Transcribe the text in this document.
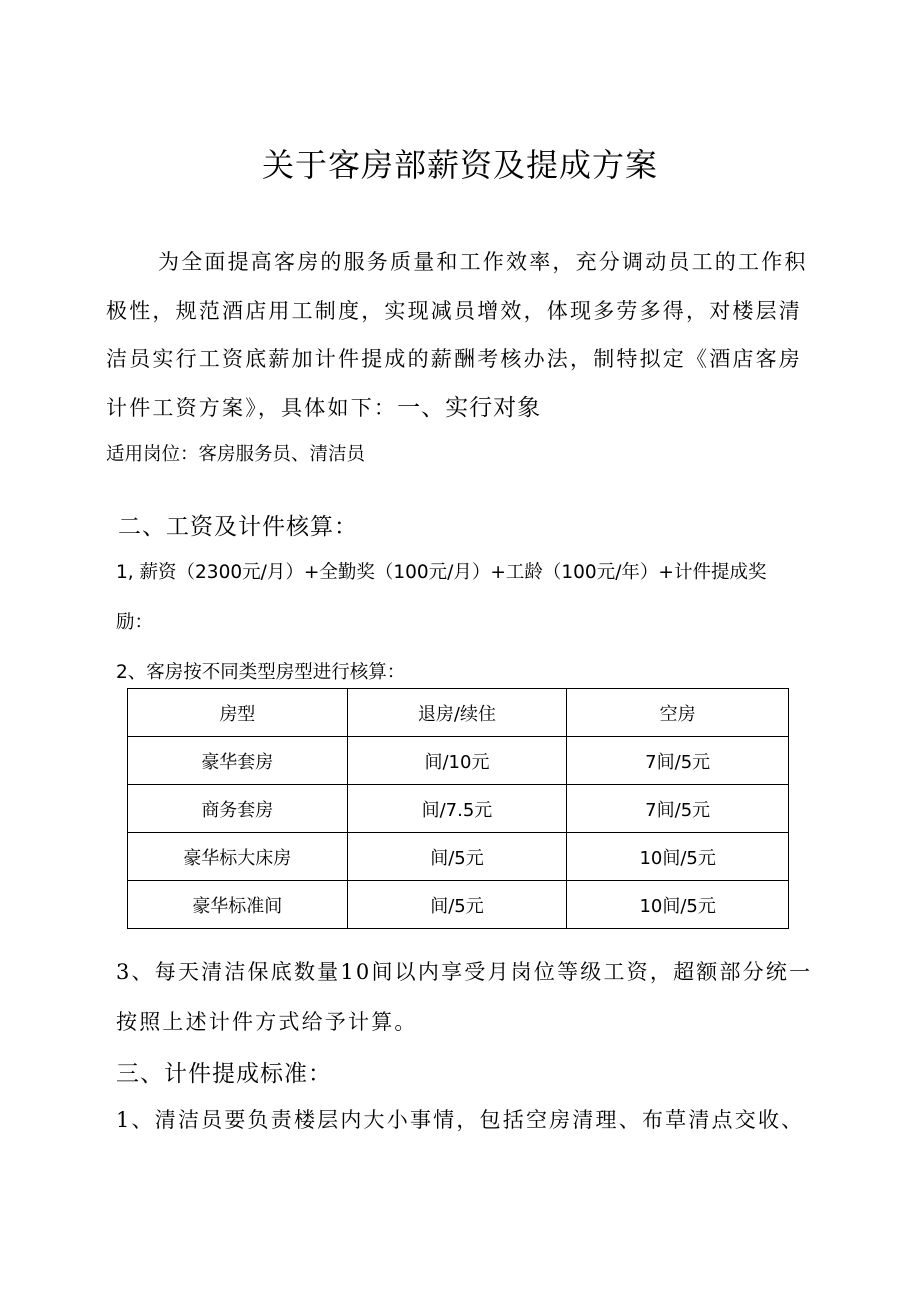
关于客房部薪资及提成方案
为全面提高客房的服务质量和工作效率，充分调动员工的工作积极性，规范酒店用工制度，实现减员增效，体现多劳多得，对楼层清洁员实行工资底薪加计件提成的薪酬考核办法，制特拟定《酒店客房计件工资方案》，具体如下：一、实行对象
适用岗位：客房服务员、清洁员
二、工资及计件核算：
1, 薪资（2300元/月）+全勤奖（100元/月）+工龄（100元/年）+计件提成奖
励：
2、客房按不同类型房型进行核算：
房型	退房/续住	空房
豪华套房	间/10元	7间/5元
商务套房	间/7.5元	7间/5元
豪华标大床房	间/5元	10间/5元
豪华标准间	间/5元	10间/5元
3、每天清洁保底数量10间以内享受月岗位等级工资，超额部分统一
按照上述计件方式给予计算。
三、计件提成标准：
1、清洁员要负责楼层内大小事情，包括空房清理、布草清点交收、
